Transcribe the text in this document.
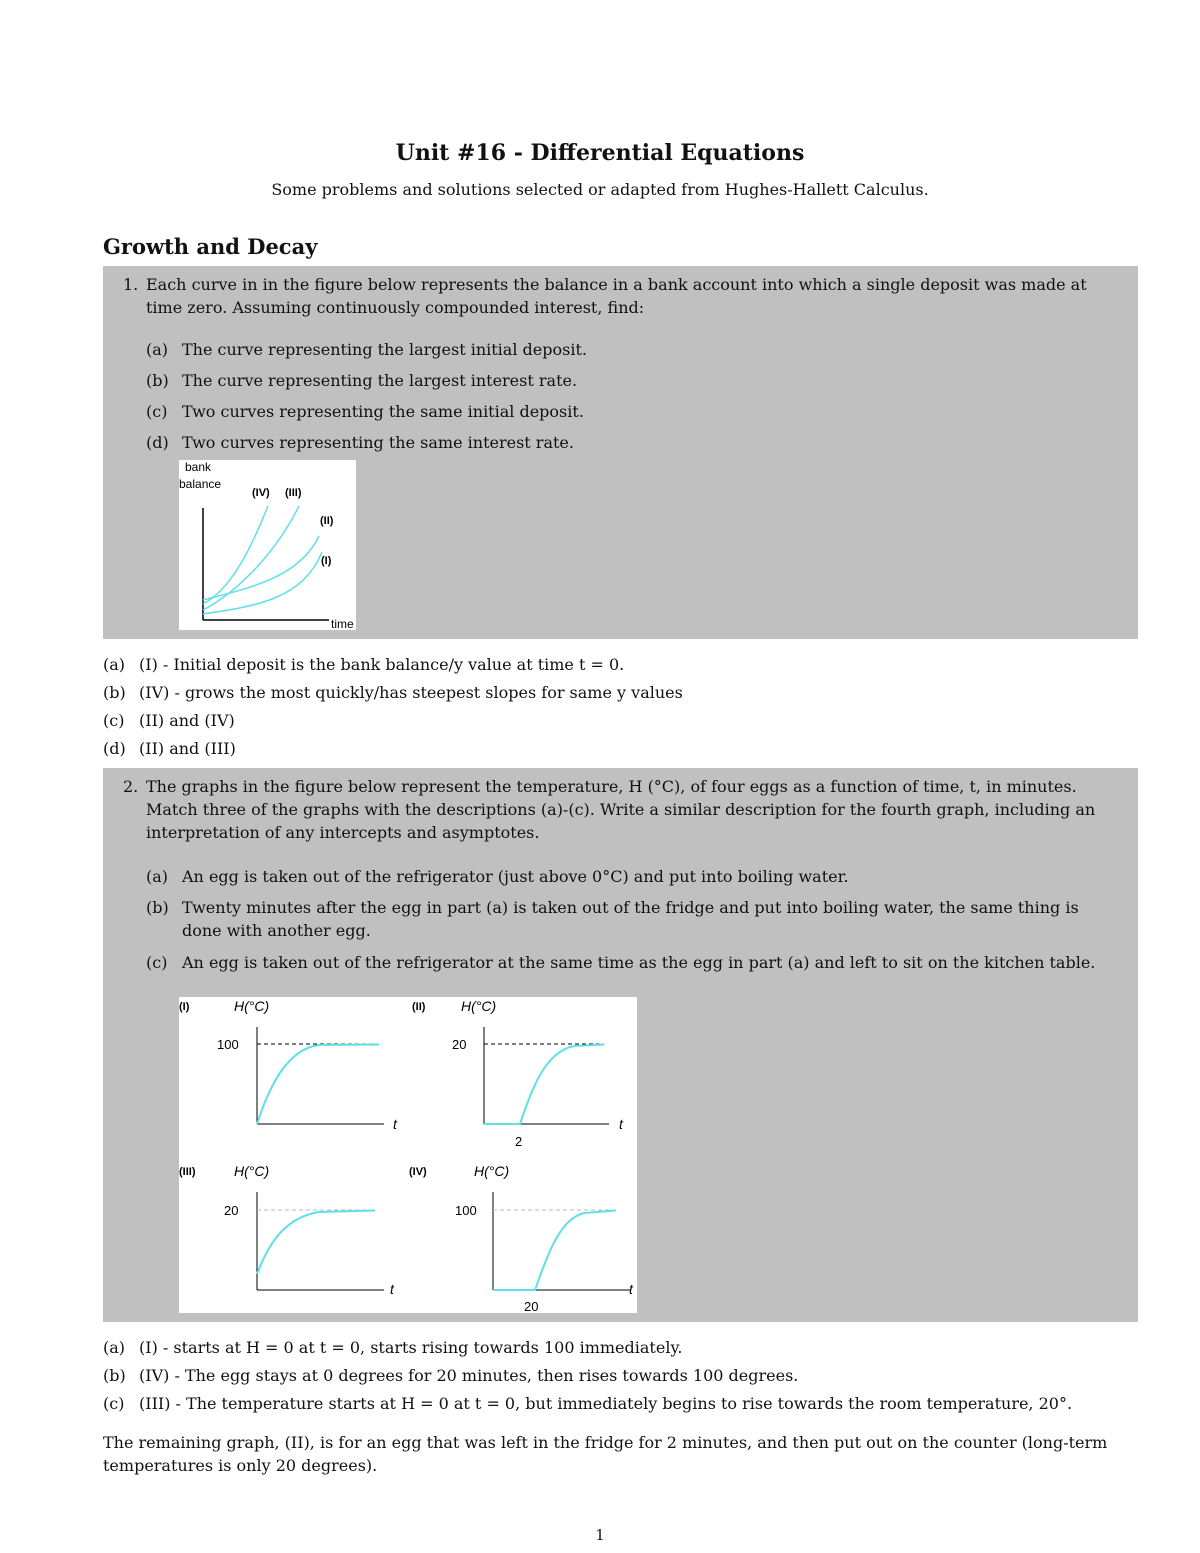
Unit #16 - Differential Equations
Some problems and solutions selected or adapted from Hughes-Hallett Calculus.
Growth and Decay
1. Each curve in in the figure below represents the balance in a bank account into which a single deposit was made at time zero. Assuming continuously compounded interest, find:
(a) The curve representing the largest initial deposit.
(b) The curve representing the largest interest rate.
(c) Two curves representing the same initial deposit.
(d) Two curves representing the same interest rate.
bank
balance
time
(IV) (III)
(II)
(I)
(a) (I) - Initial deposit is the bank balance/y value at time t = 0.
(b) (IV) - grows the most quickly/has steepest slopes for same y values
(c) (II) and (IV)
(d) (II) and (III)
2. The graphs in the figure below represent the temperature, H (°C), of four eggs as a function of time, t, in minutes. Match three of the graphs with the descriptions (a)-(c). Write a similar description for the fourth graph, including an interpretation of any intercepts and asymptotes.
(a) An egg is taken out of the refrigerator (just above 0°C) and put into boiling water.
(b) Twenty minutes after the egg in part (a) is taken out of the fridge and put into boiling water, the same thing is done with another egg.
(c) An egg is taken out of the refrigerator at the same time as the egg in part (a) and left to sit on the kitchen table.
(I)	H(°C)
100
t
(II)	H(°C)
20
2
t
(III)	H(°C)
20
t
(IV)	H(°C)
100
20
t
(a) (I) - starts at H = 0 at t = 0, starts rising towards 100 immediately.
(b) (IV) - The egg stays at 0 degrees for 20 minutes, then rises towards 100 degrees.
(c) (III) - The temperature starts at H = 0 at t = 0, but immediately begins to rise towards the room temperature, 20°.
The remaining graph, (II), is for an egg that was left in the fridge for 2 minutes, and then put out on the counter (long-term temperatures is only 20 degrees).
1
